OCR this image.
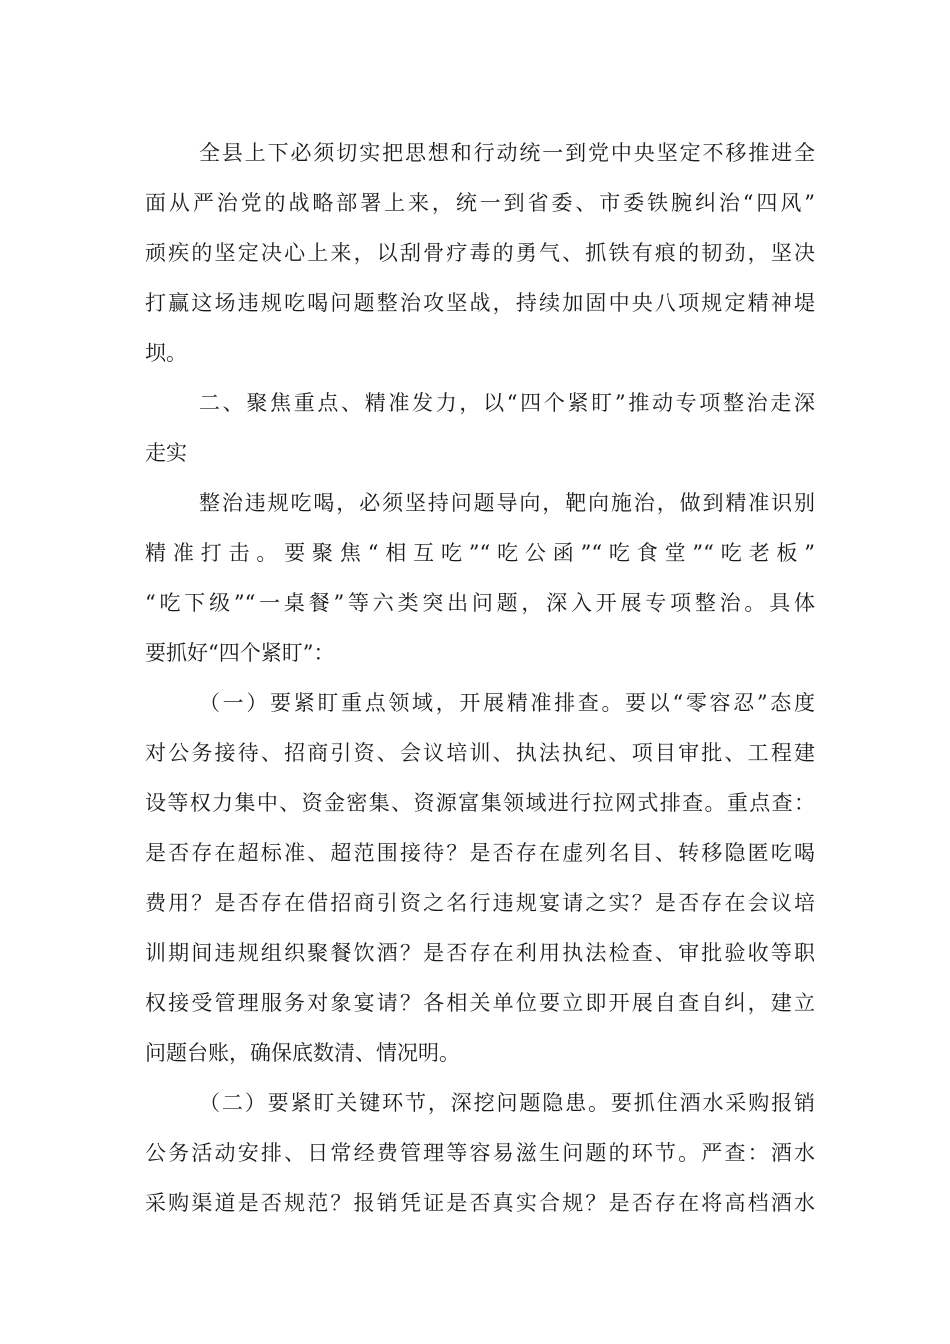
全县上下必须切实把思想和行动统一到党中央坚定不移推进全
面从严治党的战略部署上来，统一到省委、市委铁腕纠治“四风”
顽疾的坚定决心上来，以刮骨疗毒的勇气、抓铁有痕的韧劲，坚决
打赢这场违规吃喝问题整治攻坚战，持续加固中央八项规定精神堤
坝。
二、聚焦重点、精准发力，以“四个紧盯”推动专项整治走深
走实
整治违规吃喝，必须坚持问题导向，靶向施治，做到精准识别
精准打击。要聚焦“相互吃”“吃公函”“吃食堂”“吃老板”
“吃下级”“一桌餐”等六类突出问题，深入开展专项整治。具体
要抓好“四个紧盯”：
（一）要紧盯重点领域，开展精准排查。要以“零容忍”态度
对公务接待、招商引资、会议培训、执法执纪、项目审批、工程建
设等权力集中、资金密集、资源富集领域进行拉网式排查。重点查：
是否存在超标准、超范围接待？是否存在虚列名目、转移隐匿吃喝
费用？是否存在借招商引资之名行违规宴请之实？是否存在会议培
训期间违规组织聚餐饮酒？是否存在利用执法检查、审批验收等职
权接受管理服务对象宴请？各相关单位要立即开展自查自纠，建立
问题台账，确保底数清、情况明。
（二）要紧盯关键环节，深挖问题隐患。要抓住酒水采购报销
公务活动安排、日常经费管理等容易滋生问题的环节。严查：酒水
采购渠道是否规范？报销凭证是否真实合规？是否存在将高档酒水
